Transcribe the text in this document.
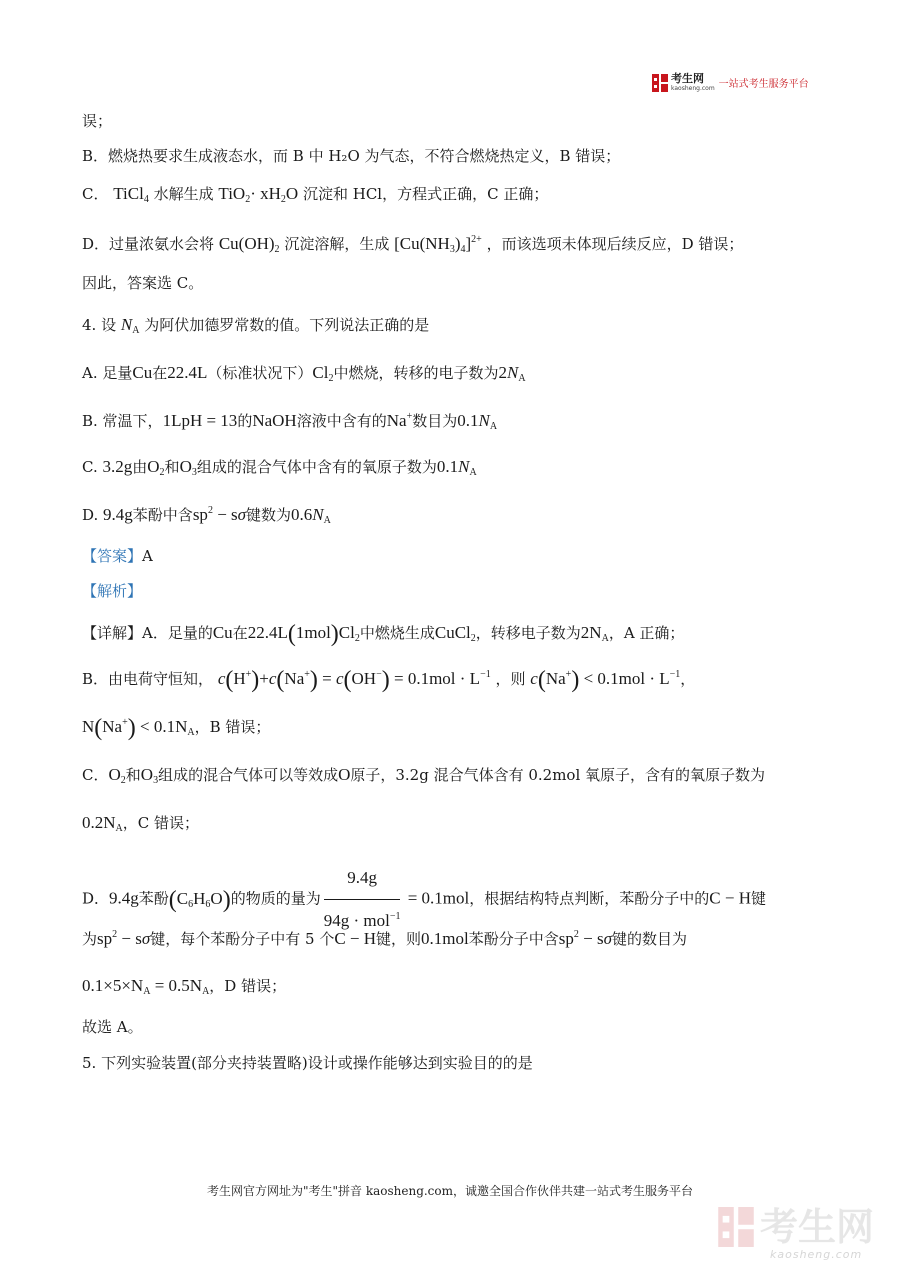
考生网
kaosheng.com 一站式考生服务平台
误；
B．燃烧热要求生成液态水，而 B 中 H₂O 为气态，不符合燃烧热定义，B 错误；
C． TiCl$_4$ 水解生成 $TiO_2\cdot xH_2O$ 沉淀和 HCl，方程式正确，C 正确；
D．过量浓氨水会将 $Cu(OH)_2$ 沉淀溶解，生成 $[Cu(NH_3)_4]^{2+}$ ，而该选项未体现后续反应，D 错误；
因此，答案选 C。
4. 设 $N_A$ 为阿伏加德罗常数的值。下列说法正确的是
A. 足量Cu在22.4L（标准状况下）$Cl_2$中燃烧，转移的电子数为$2N_A$
B. 常温下，1LpH = 13的NaOH溶液中含有的Na+数目为$0.1N_A$
C. 3.2g由$O_2$和$O_3$组成的混合气体中含有的氧原子数为$0.1N_A$
D. 9.4g苯酚中含$sp^2 - s\sigma$键数为$0.6N_A$
【答案】A
【解析】
【详解】A．足量的Cu在$22.4L(1mol)Cl_2$中燃烧生成CuCl$_2$，转移电子数为$2N_A$，A 正确；
B．由电荷守恒知， $c(H^+)+c(Na^+) = c(OH^-) = 0.1mol \cdot L^{-1}$ ，则 $c(Na^+) < 0.1mol \cdot L^{-1}$，
$N(Na^+) < 0.1N_A$，B 错误；
C．$O_2$和$O_3$组成的混合气体可以等效成O原子，3.2g 混合气体含有 0.2mol 氧原子，含有的氧原子数为
$0.2N_A$，C 错误；
D．9.4g苯酚$(C_6H_6O)$的物质的量为 $\frac{9.4g}{94g \cdot mol^{-1}} = 0.1mol$，根据结构特点判断，苯酚分子中的C − H键
为$sp^2 - s\sigma$键，每个苯酚分子中有 5 个C − H键，则0.1mol苯酚分子中含$sp^2 - s\sigma$键的数目为
$0.1\times 5\times N_A = 0.5N_A$，D 错误；
故选 A。
5. 下列实验装置(部分夹持装置略)设计或操作能够达到实验目的的是
考生网官方网址为"考生"拼音 kaosheng.com，诚邀全国合作伙伴共建一站式考生服务平台
考生网
kaosheng.com
